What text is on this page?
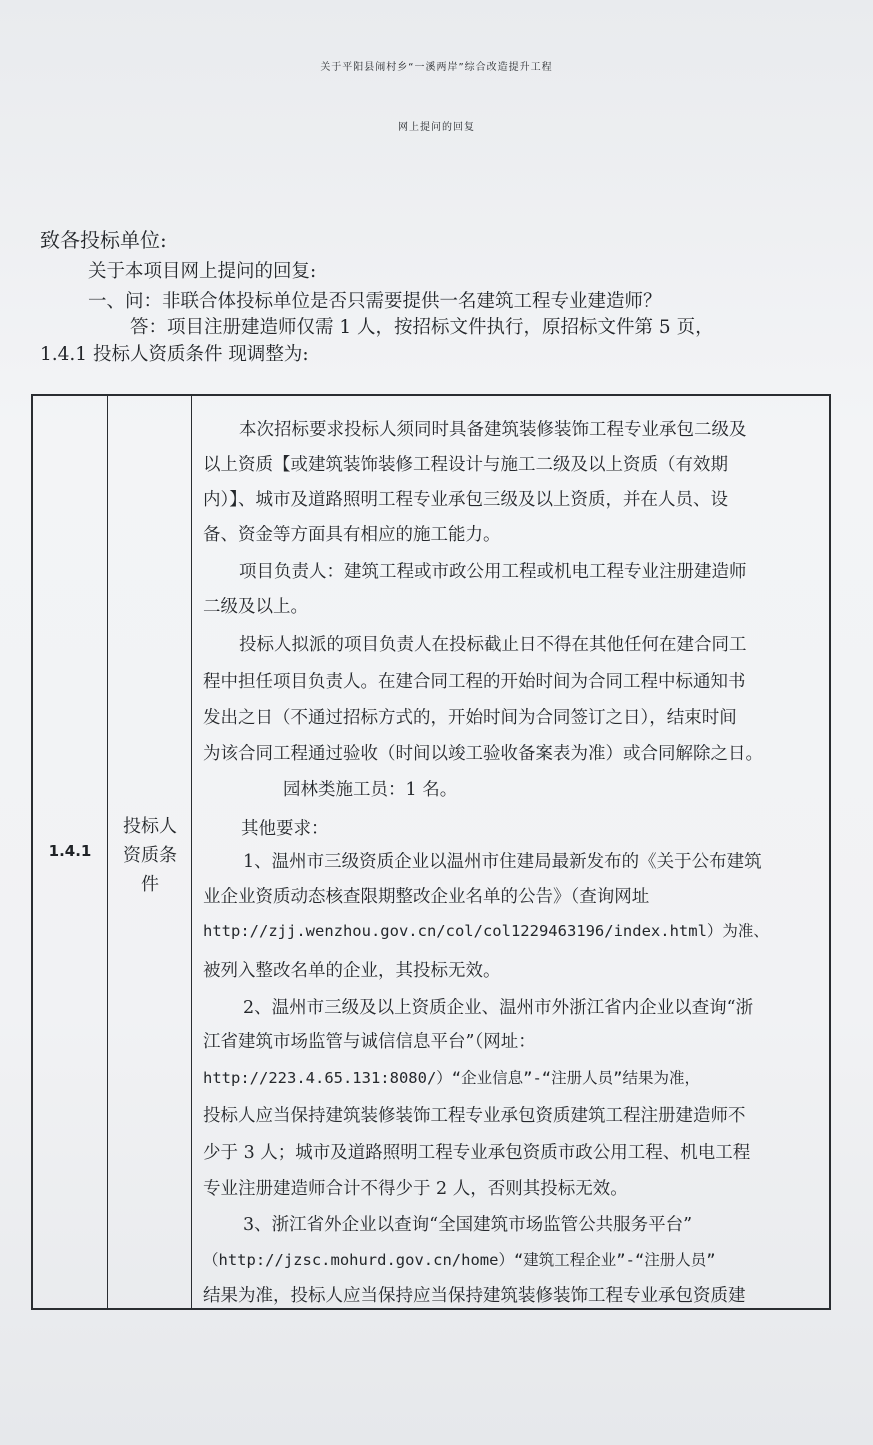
关于平阳县闹村乡“一溪两岸”综合改造提升工程
网上提问的回复
致各投标单位:
关于本项目网上提问的回复:
一、问：非联合体投标单位是否只需要提供一名建筑工程专业建造师？
答：项目注册建造师仅需 1 人，按招标文件执行，原招标文件第 5 页，
1.4.1 投标人资质条件 现调整为:
1.4.1
投标人
资质条
件
本次招标要求投标人须同时具备建筑装修装饰工程专业承包二级及
以上资质【或建筑装饰装修工程设计与施工二级及以上资质（有效期
内）】、城市及道路照明工程专业承包三级及以上资质，并在人员、设
备、资金等方面具有相应的施工能力。
项目负责人：建筑工程或市政公用工程或机电工程专业注册建造师
二级及以上。
投标人拟派的项目负责人在投标截止日不得在其他任何在建合同工
程中担任项目负责人。在建合同工程的开始时间为合同工程中标通知书
发出之日（不通过招标方式的，开始时间为合同签订之日），结束时间
为该合同工程通过验收（时间以竣工验收备案表为准）或合同解除之日。
园林类施工员：1 名。
其他要求：
1、温州市三级资质企业以温州市住建局最新发布的《关于公布建筑
业企业资质动态核查限期整改企业名单的公告》（查询网址
http://zjj.wenzhou.gov.cn/col/col1229463196/index.html）为准、
被列入整改名单的企业，其投标无效。
2、温州市三级及以上资质企业、温州市外浙江省内企业以查询“浙
江省建筑市场监管与诚信信息平台”（网址：
http://223.4.65.131:8080/）“企业信息”-“注册人员”结果为准，
投标人应当保持建筑装修装饰工程专业承包资质建筑工程注册建造师不
少于 3 人；城市及道路照明工程专业承包资质市政公用工程、机电工程
专业注册建造师合计不得少于 2 人，否则其投标无效。
3、浙江省外企业以查询“全国建筑市场监管公共服务平台”
（http://jzsc.mohurd.gov.cn/home）“建筑工程企业”-“注册人员”
结果为准，投标人应当保持应当保持建筑装修装饰工程专业承包资质建
